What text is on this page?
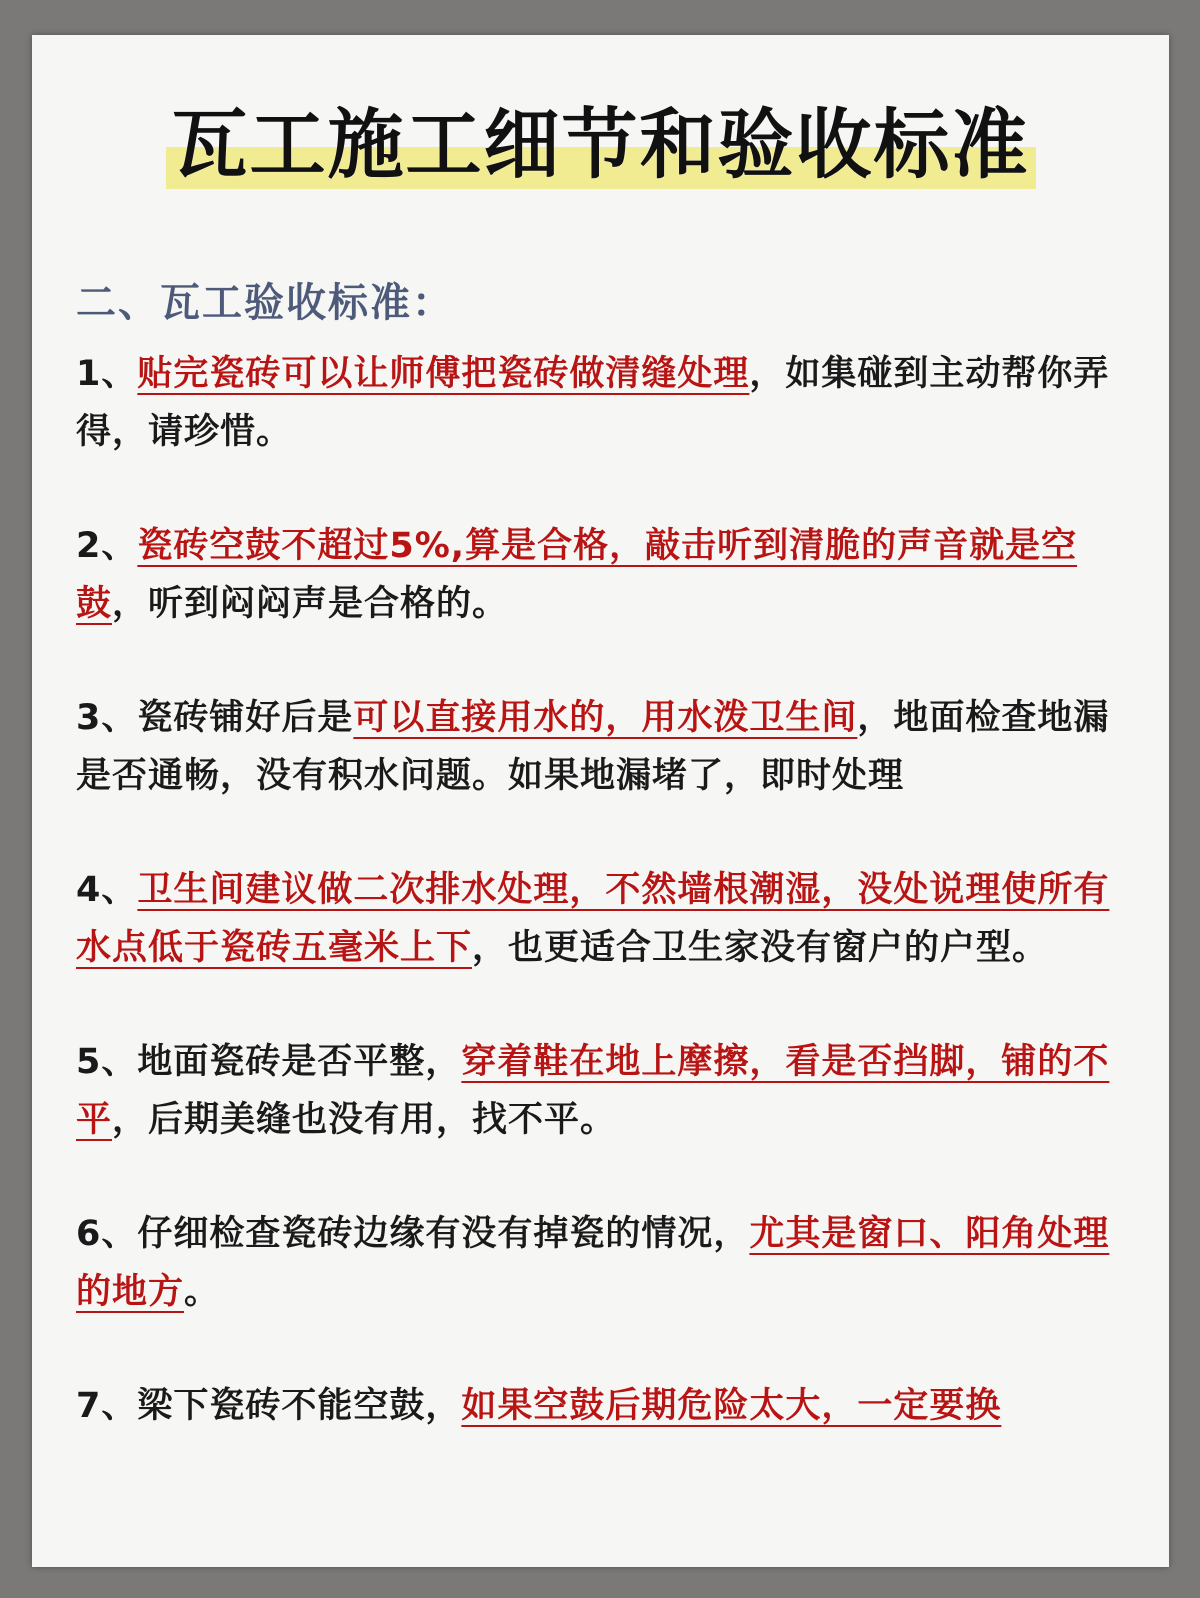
瓦工施工细节和验收标准
二、瓦工验收标准：
1、贴完瓷砖可以让师傅把瓷砖做清缝处理，如集碰到主动帮你弄得，请珍惜。
2、瓷砖空鼓不超过5%,算是合格，敲击听到清脆的声音就是空鼓，听到闷闷声是合格的。
3、瓷砖铺好后是可以直接用水的，用水泼卫生间，地面检查地漏是否通畅，没有积水问题。如果地漏堵了，即时处理
4、卫生间建议做二次排水处理，不然墙根潮湿，没处说理使所有水点低于瓷砖五毫米上下，也更适合卫生家没有窗户的户型。
5、地面瓷砖是否平整，穿着鞋在地上摩擦，看是否挡脚，铺的不平，后期美缝也没有用，找不平。
6、仔细检查瓷砖边缘有没有掉瓷的情况，尤其是窗口、阳角处理的地方。
7、梁下瓷砖不能空鼓，如果空鼓后期危险太大，一定要换
